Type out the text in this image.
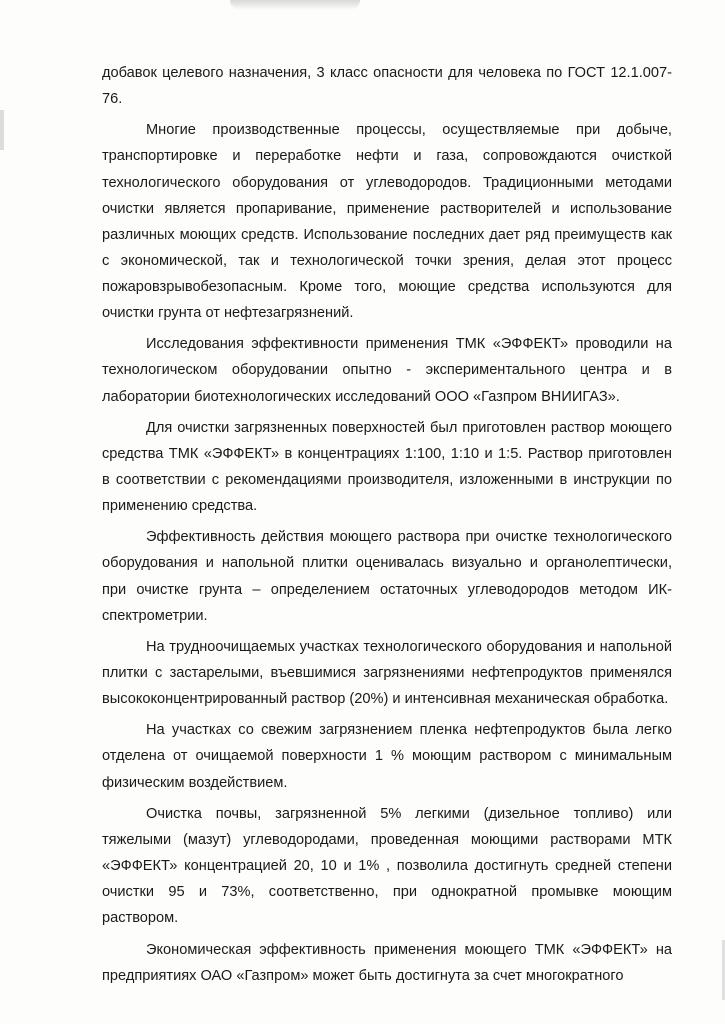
добавок целевого назначения, 3 класс опасности для человека по ГОСТ 12.1.007-
76.
Многие производственные процессы, осуществляемые при добыче,
транспортировке и переработке нефти и газа, сопровождаются очисткой
технологического оборудования от углеводородов. Традиционными методами
очистки является пропаривание, применение растворителей и использование
различных моющих средств. Использование последних дает ряд преимуществ как
с экономической, так и технологической точки зрения, делая этот процесс
пожаровзрывобезопасным. Кроме того, моющие средства используются для
очистки грунта от нефтезагрязнений.
Исследования эффективности применения ТМК «ЭФФЕКТ» проводили на
технологическом оборудовании опытно - экспериментального центра и в
лаборатории биотехнологических исследований ООО «Газпром ВНИИГАЗ».
Для очистки загрязненных поверхностей был приготовлен раствор моющего
средства ТМК «ЭФФЕКТ» в концентрациях 1:100, 1:10 и 1:5. Раствор приготовлен
в соответствии с рекомендациями производителя, изложенными в инструкции по
применению средства.
Эффективность действия моющего раствора при очистке технологического
оборудования и напольной плитки оценивалась визуально и органолептически,
при очистке грунта – определением остаточных углеводородов методом ИК-
спектрометрии.
На трудноочищаемых участках технологического оборудования и напольной
плитки с застарелыми, въевшимися загрязнениями нефтепродуктов применялся
высококонцентрированный раствор (20%) и интенсивная механическая обработка.
На участках со свежим загрязнением пленка нефтепродуктов была легко
отделена от очищаемой поверхности 1 % моющим раствором с минимальным
физическим воздействием.
Очистка почвы, загрязненной 5% легкими (дизельное топливо) или
тяжелыми (мазут) углеводородами, проведенная моющими растворами МТК
«ЭФФЕКТ» концентрацией 20, 10 и 1% , позволила достигнуть средней степени
очистки 95 и 73%, соответственно, при однократной промывке моющим
раствором.
Экономическая эффективность применения моющего ТМК «ЭФФЕКТ» на
предприятиях ОАО «Газпром» может быть достигнута за счет многократного
